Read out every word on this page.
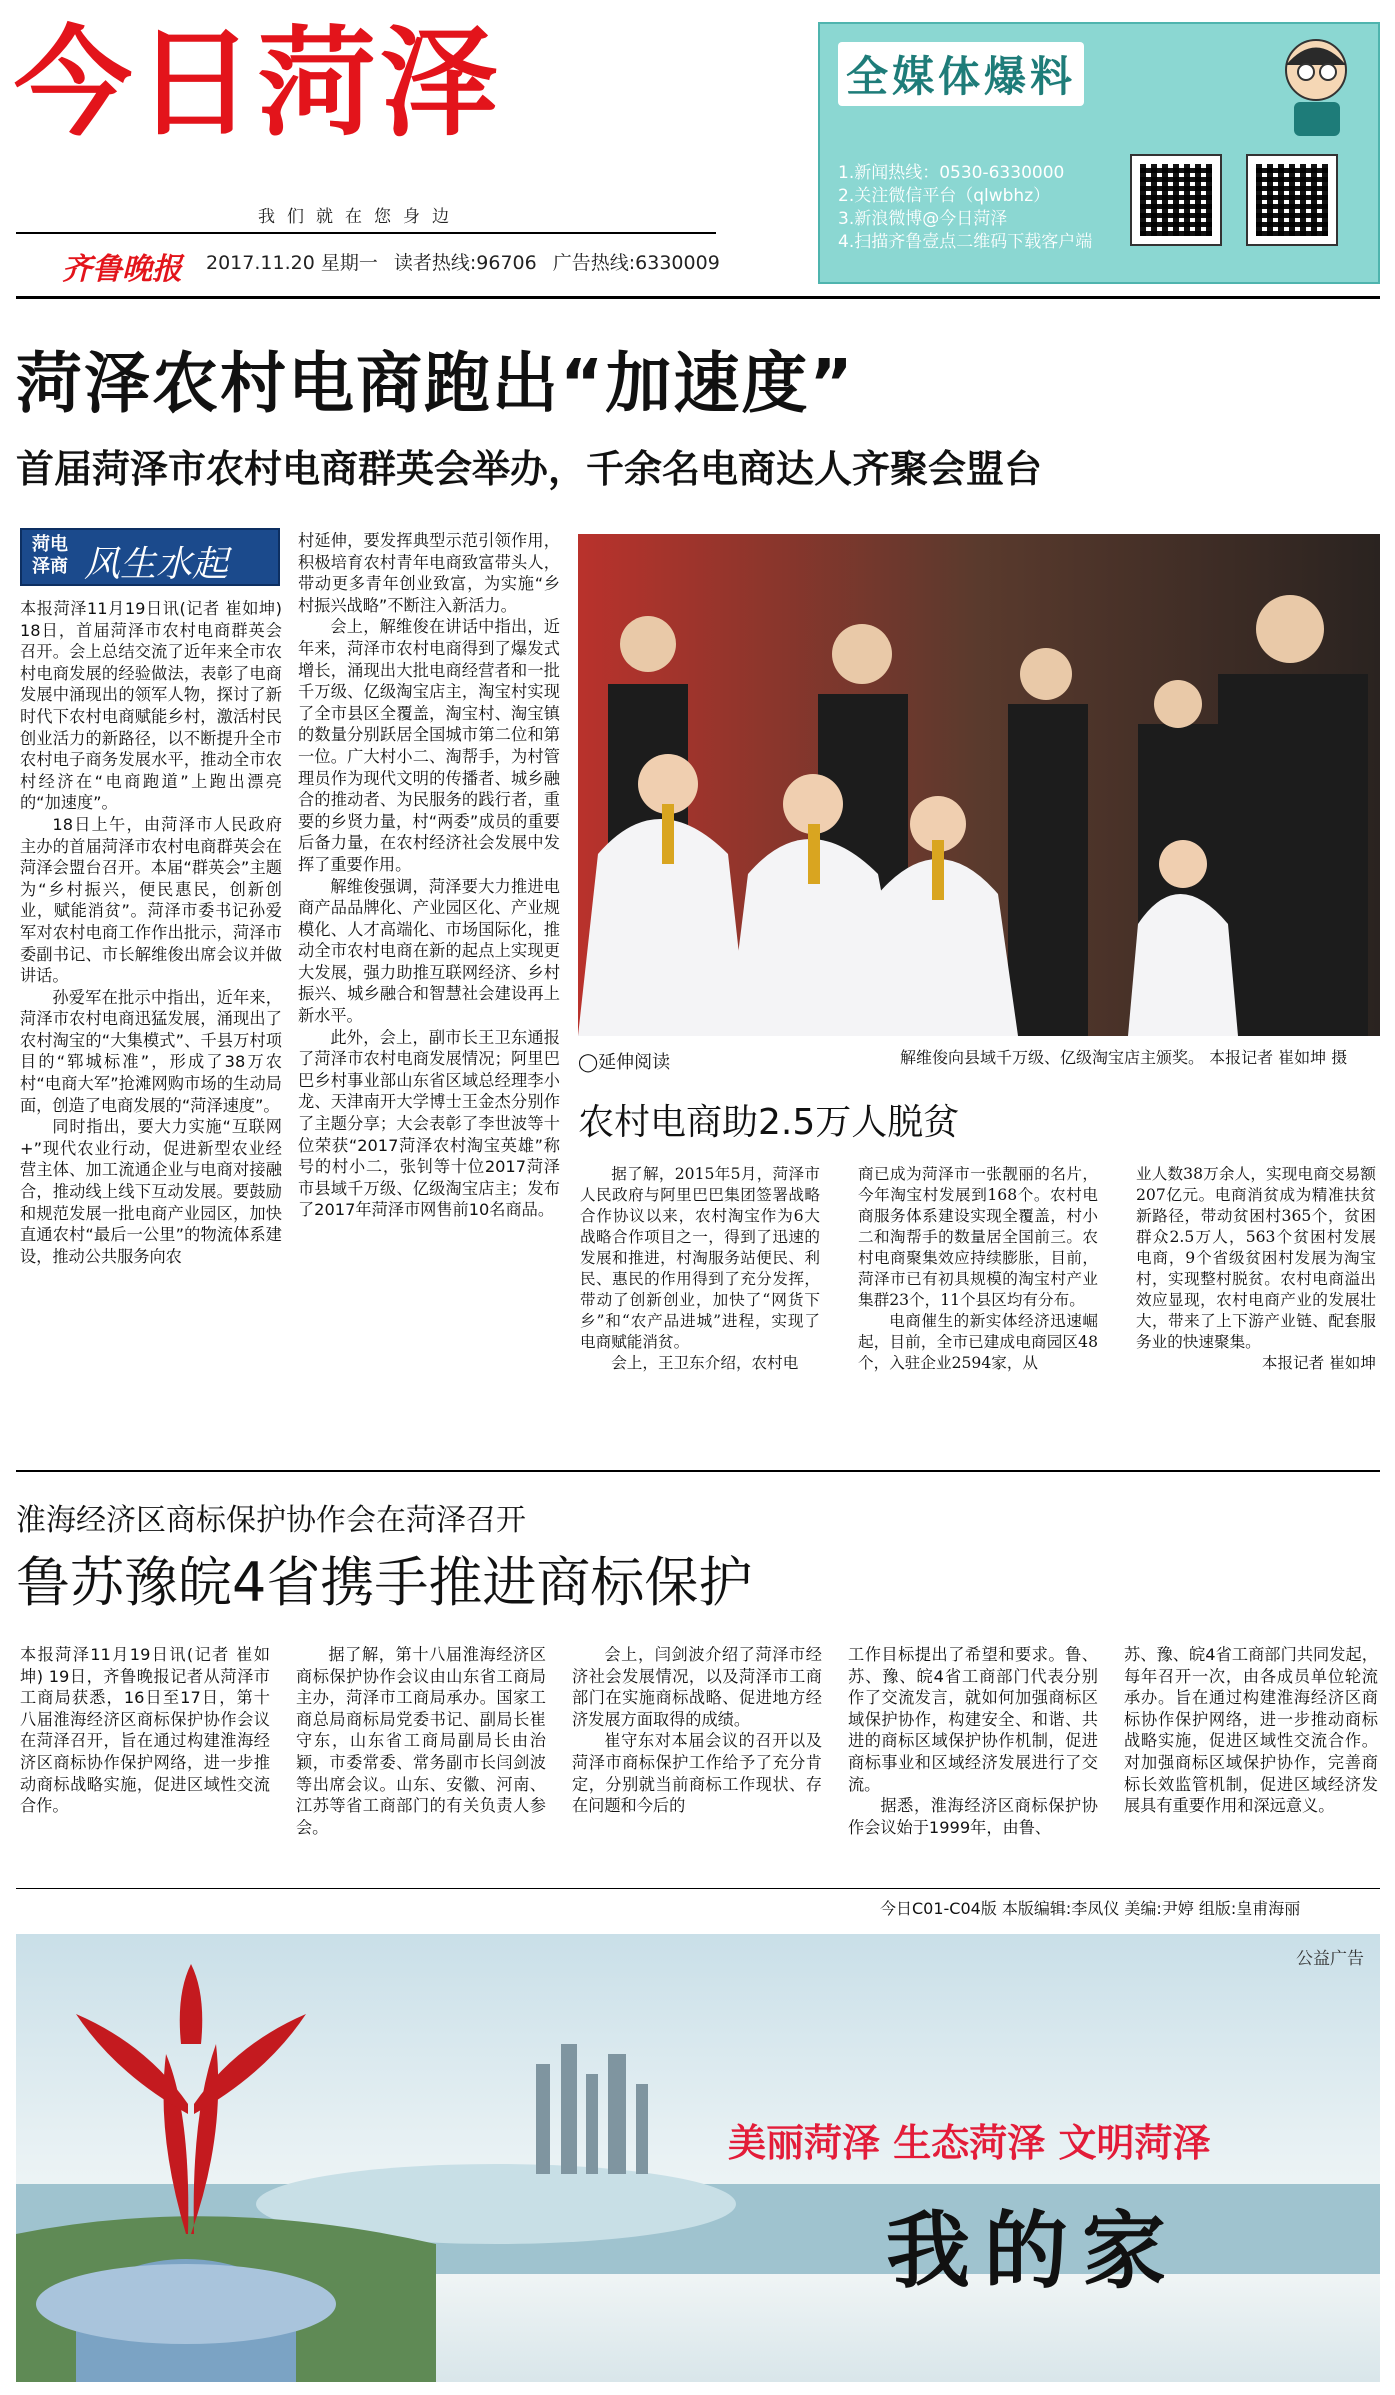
今日菏泽
我们就在您身边
齐鲁晚报 2017.11.20 星期一 读者热线:96706 广告热线:6330009
全媒体爆料
1.新闻热线：0530-6330000
2.关注微信平台（qlwbhz）
3.新浪微博@今日菏泽
4.扫描齐鲁壹点二维码下载客户端
菏泽农村电商跑出“加速度”
首届菏泽市农村电商群英会举办，千余名电商达人齐聚会盟台
菏电
泽商 风生水起

本报菏泽11月19日讯(记者 崔如坤) 18日，首届菏泽市农村电商群英会召开。会上总结交流了近年来全市农村电商发展的经验做法，表彰了电商发展中涌现出的领军人物，探讨了新时代下农村电商赋能乡村，激活村民创业活力的新路径，以不断提升全市农村电子商务发展水平，推动全市农村经济在“电商跑道”上跑出漂亮的“加速度”。

18日上午，由菏泽市人民政府主办的首届菏泽市农村电商群英会在菏泽会盟台召开。本届“群英会”主题为“乡村振兴，便民惠民，创新创业，赋能消贫”。菏泽市委书记孙爱军对农村电商工作作出批示，菏泽市委副书记、市长解维俊出席会议并做讲话。

孙爱军在批示中指出，近年来，菏泽市农村电商迅猛发展，涌现出了农村淘宝的“大集模式”、千县万村项目的“郓城标准”，形成了38万农村“电商大军”抢滩网购市场的生动局面，创造了电商发展的“菏泽速度”。

同时指出，要大力实施“互联网+”现代农业行动，促进新型农业经营主体、加工流通企业与电商对接融合，推动线上线下互动发展。要鼓励和规范发展一批电商产业园区，加快直通农村“最后一公里”的物流体系建设，推动公共服务向农

村延伸，要发挥典型示范引领作用，积极培育农村青年电商致富带头人，带动更多青年创业致富，为实施“乡村振兴战略”不断注入新活力。

会上，解维俊在讲话中指出，近年来，菏泽市农村电商得到了爆发式增长，涌现出大批电商经营者和一批千万级、亿级淘宝店主，淘宝村实现了全市县区全覆盖，淘宝村、淘宝镇的数量分别跃居全国城市第二位和第一位。广大村小二、淘帮手，为村管理员作为现代文明的传播者、城乡融合的推动者、为民服务的践行者，重要的乡贤力量，村“两委”成员的重要后备力量，在农村经济社会发展中发挥了重要作用。

解维俊强调，菏泽要大力推进电商产品品牌化、产业园区化、产业规模化、人才高端化、市场国际化，推动全市农村电商在新的起点上实现更大发展，强力助推互联网经济、乡村振兴、城乡融合和智慧社会建设再上新水平。

此外，会上，副市长王卫东通报了菏泽市农村电商发展情况；阿里巴巴乡村事业部山东省区域总经理李小龙、天津南开大学博士王金杰分别作了主题分享；大会表彰了李世波等十位荣获“2017菏泽农村淘宝英雄”称号的村小二，张钊等十位2017菏泽市县域千万级、亿级淘宝店主；发布了2017年菏泽市网售前10名商品。

◯延伸阅读	解维俊向县域千万级、亿级淘宝店主颁奖。 本报记者 崔如坤 摄
农村电商助2.5万人脱贫

据了解，2015年5月，菏泽市人民政府与阿里巴巴集团签署战略合作协议以来，农村淘宝作为6大战略合作项目之一，得到了迅速的发展和推进，村淘服务站便民、利民、惠民的作用得到了充分发挥，带动了创新创业，加快了“网货下乡”和“农产品进城”进程，实现了电商赋能消贫。

会上，王卫东介绍，农村电

商已成为菏泽市一张靓丽的名片，今年淘宝村发展到168个。农村电商服务体系建设实现全覆盖，村小二和淘帮手的数量居全国前三。农村电商聚集效应持续膨胀，目前，菏泽市已有初具规模的淘宝村产业集群23个，11个县区均有分布。

电商催生的新实体经济迅速崛起，目前，全市已建成电商园区48个，入驻企业2594家，从

业人数38万余人，实现电商交易额207亿元。电商消贫成为精准扶贫新路径，带动贫困村365个，贫困群众2.5万人，563个贫困村发展电商，9个省级贫困村发展为淘宝村，实现整村脱贫。农村电商溢出效应显现，农村电商产业的发展壮大，带来了上下游产业链、配套服务业的快速聚集。

本报记者 崔如坤

淮海经济区商标保护协作会在菏泽召开
鲁苏豫皖4省携手推进商标保护

本报菏泽11月19日讯(记者 崔如坤) 19日，齐鲁晚报记者从菏泽市工商局获悉，16日至17日，第十八届淮海经济区商标保护协作会议在菏泽召开，旨在通过构建淮海经济区商标协作保护网络，进一步推动商标战略实施，促进区域性交流合作。

据了解，第十八届淮海经济区商标保护协作会议由山东省工商局主办，菏泽市工商局承办。国家工商总局商标局党委书记、副局长崔守东，山东省工商局副局长由治颖，市委常委、常务副市长闫剑波等出席会议。山东、安徽、河南、江苏等省工商部门的有关负责人参会。

会上，闫剑波介绍了菏泽市经济社会发展情况，以及菏泽市工商部门在实施商标战略、促进地方经济发展方面取得的成绩。

崔守东对本届会议的召开以及菏泽市商标保护工作给予了充分肯定，分别就当前商标工作现状、存在问题和今后的

工作目标提出了希望和要求。鲁、苏、豫、皖4省工商部门代表分别作了交流发言，就如何加强商标区域保护协作，构建安全、和谐、共进的商标区域保护协作机制，促进商标事业和区域经济发展进行了交流。

据悉，淮海经济区商标保护协作会议始于1999年，由鲁、

苏、豫、皖4省工商部门共同发起，每年召开一次，由各成员单位轮流承办。旨在通过构建淮海经济区商标协作保护网络，进一步推动商标战略实施，促进区域性交流合作。对加强商标区域保护协作，完善商标长效监管机制，促进区域经济发展具有重要作用和深远意义。

今日C01-C04版 本版编辑:李凤仪 美编:尹婷 组版:皇甫海丽
公益广告
美丽菏泽 生态菏泽 文明菏泽
我的家
